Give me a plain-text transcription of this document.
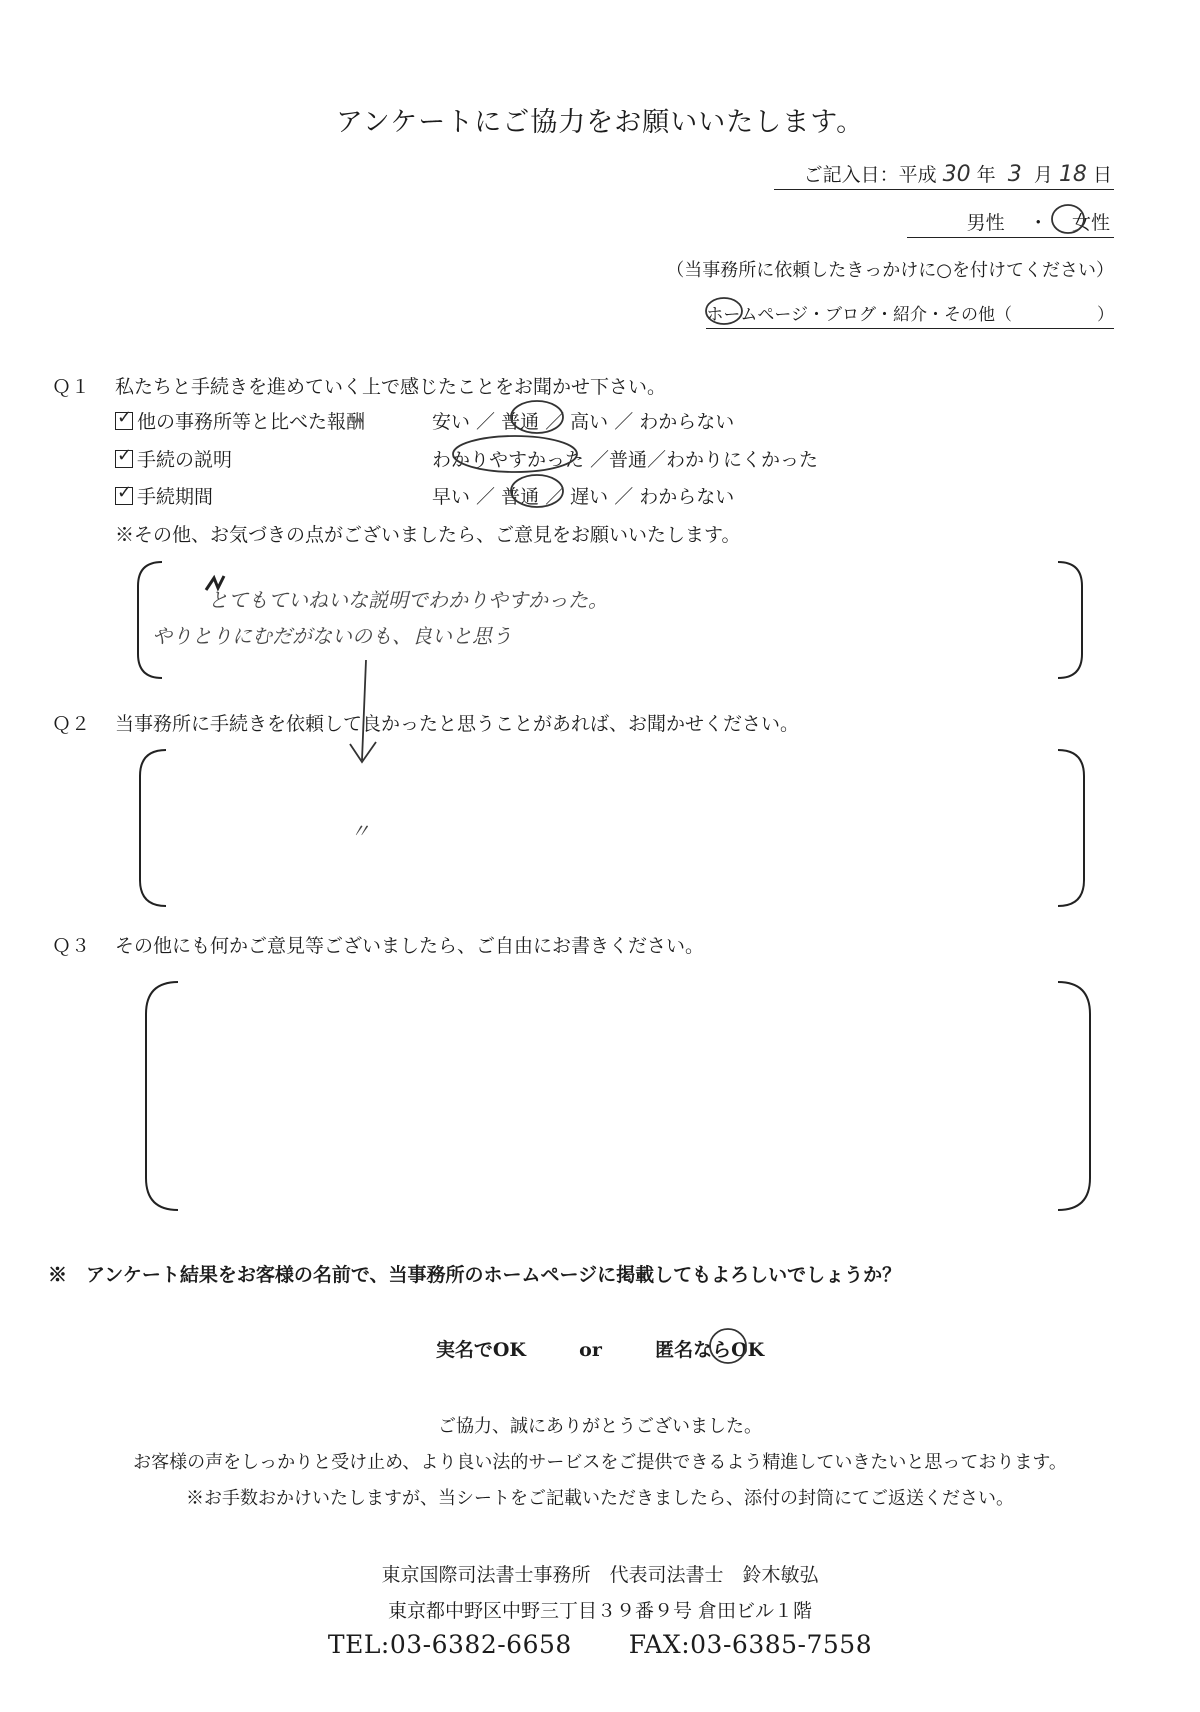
アンケートにご協力をお願いいたします。
ご記入日：平成 30 年 3 月 18 日
男性 ・ 女性
（当事務所に依頼したきっかけに○を付けてください）
ホームページ・ブログ・紹介・その他（　　　　　）
Ｑ１ 私たちと手続きを進めていく上で感じたことをお聞かせ下さい。
✓他の事務所等と比べた報酬	安い ／ 普通 ／ 高い ／ わからない
✓手続の説明	わかりやすかった ／普通／わかりにくかった
✓手続期間	早い ／ 普通 ／ 遅い ／ わからない
※その他、お気づきの点がございましたら、ご意見をお願いいたします。
とてもていねいな説明でわかりやすかった。
やりとりにむだがないのも、良いと思う
Ｑ２ 当事務所に手続きを依頼して良かったと思うことがあれば、お聞かせください。
〃
Ｑ３ その他にも何かご意見等ございましたら、ご自由にお書きください。
※　アンケート結果をお客様の名前で、当事務所のホームページに掲載してもよろしいでしょうか？
実名でOK	or	匿名ならOK
ご協力、誠にありがとうございました。
お客様の声をしっかりと受け止め、より良い法的サービスをご提供できるよう精進していきたいと思っております。
※お手数おかけいたしますが、当シートをご記載いただきましたら、添付の封筒にてご返送ください。
東京国際司法書士事務所　代表司法書士　鈴木敏弘
東京都中野区中野三丁目３９番９号 倉田ビル１階
TEL:03-6382-6658 FAX:03-6385-7558
